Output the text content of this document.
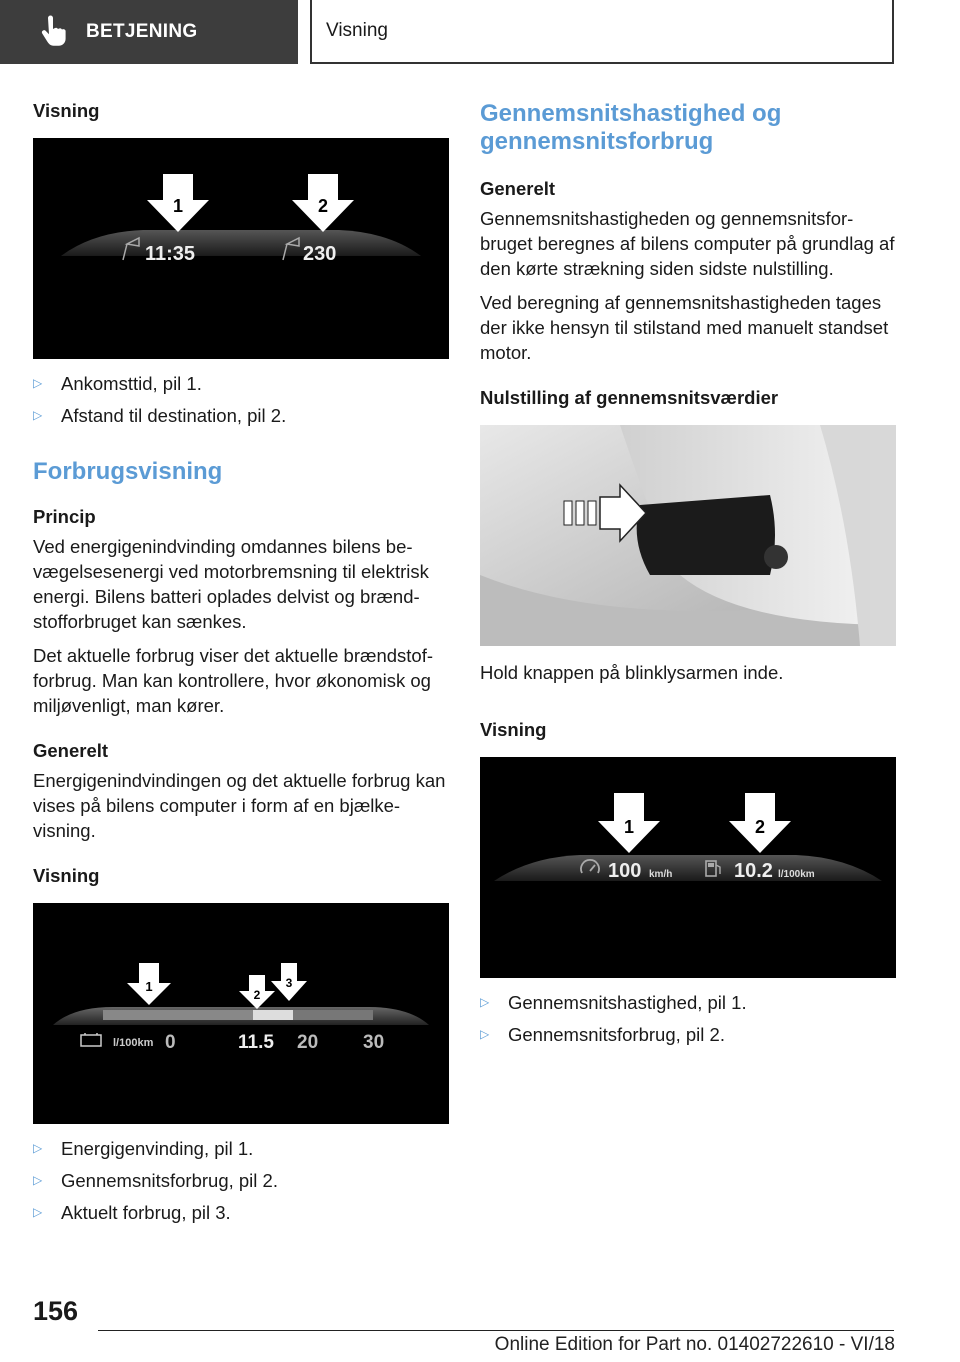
BETJENING	Visning
Visning
1	2
11:35	230
▷	Ankomsttid, pil 1.
▷	Afstand til destination, pil 2.
Forbrugsvisning
Princip

Ved energigenindvinding omdannes bilens bevægelsesenergi ved motorbremsning til elektrisk energi. Bilens batteri oplades delvist og brændstofforbruget kan sænkes.

Det aktuelle forbrug viser det aktuelle brændstofforbrug. Man kan kontrollere, hvor økonomisk og miljøvenligt, man kører.

Generelt

Energigenindvindingen og det aktuelle forbrug kan vises på bilens computer i form af en bjælkevisning.

Visning
1
2
3
l/100km 0	11.5 20 30
▷	Energigenvinding, pil 1.
▷	Gennemsnitsforbrug, pil 2.
▷	Aktuelt forbrug, pil 3.
Gennemsnitshastighed og gennemsnitsforbrug
Generelt

Gennemsnitshastigheden og gennemsnitsforbruget beregnes af bilens computer på grundlag af den kørte strækning siden sidste nulstilling.

Ved beregning af gennemsnitshastigheden tages der ikke hensyn til stilstand med manuelt standset motor.

Nulstilling af gennemsnitsværdier

Hold knappen på blinklysarmen inde.

Visning
1	2
100 km/h	10.2 l/100km
▷	Gennemsnitshastighed, pil 1.
▷	Gennemsnitsforbrug, pil 2.
156
Online Edition for Part no. 01402722610 - VI/18
